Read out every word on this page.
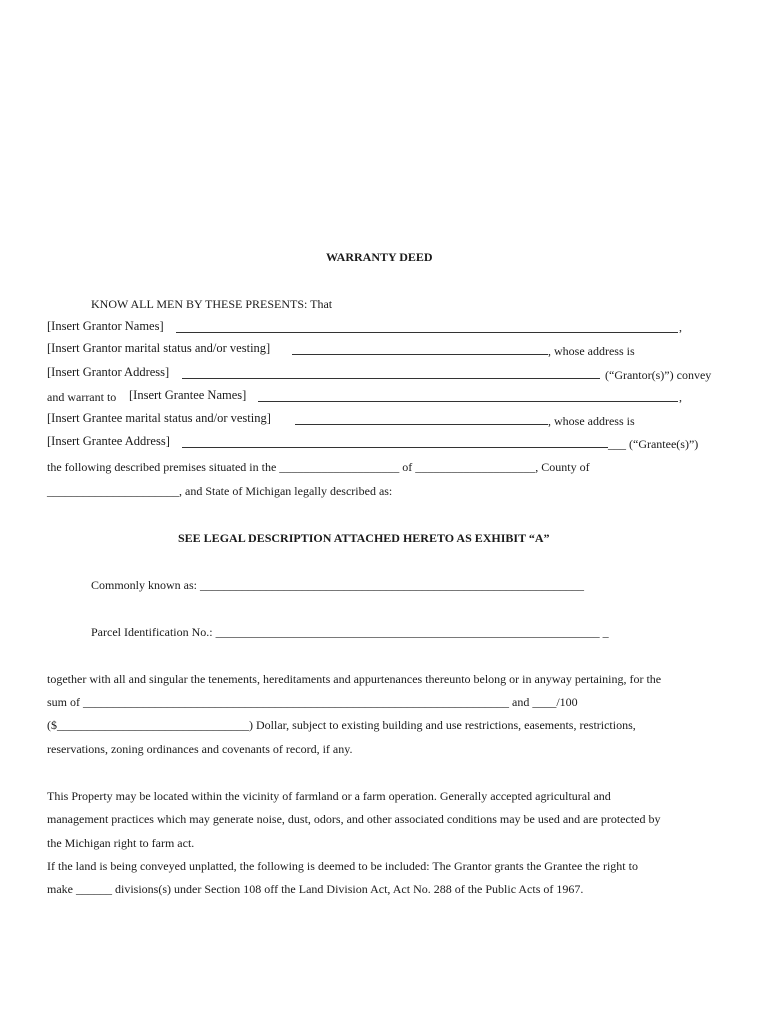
WARRANTY DEED
KNOW ALL MEN BY THESE PRESENTS: That
[Insert Grantor Names]	,
[Insert Grantor marital status and/or vesting]	, whose address is
[Insert Grantor Address]	(“Grantor(s)”) convey
and warrant to [Insert Grantee Names]	,
[Insert Grantee marital status and/or vesting]	, whose address is
[Insert Grantee Address]	___ (“Grantee(s)”)
the following described premises situated in the ____________________ of ____________________, County of
______________________, and State of Michigan legally described as:
SEE LEGAL DESCRIPTION ATTACHED HERETO AS EXHIBIT “A”
Commonly known as: ________________________________________________________________
Parcel Identification No.: ________________________________________________________________ _
together with all and singular the tenements, hereditaments and appurtenances thereunto belong or in anyway pertaining, for the
sum of _______________________________________________________________________ and ____/100
($________________________________) Dollar, subject to existing building and use restrictions, easements, restrictions,
reservations, zoning ordinances and covenants of record, if any.
This Property may be located within the vicinity of farmland or a farm operation. Generally accepted agricultural and
management practices which may generate noise, dust, odors, and other associated conditions may be used and are protected by
the Michigan right to farm act.
If the land is being conveyed unplatted, the following is deemed to be included: The Grantor grants the Grantee the right to
make ______ divisions(s) under Section 108 off the Land Division Act, Act No. 288 of the Public Acts of 1967.
